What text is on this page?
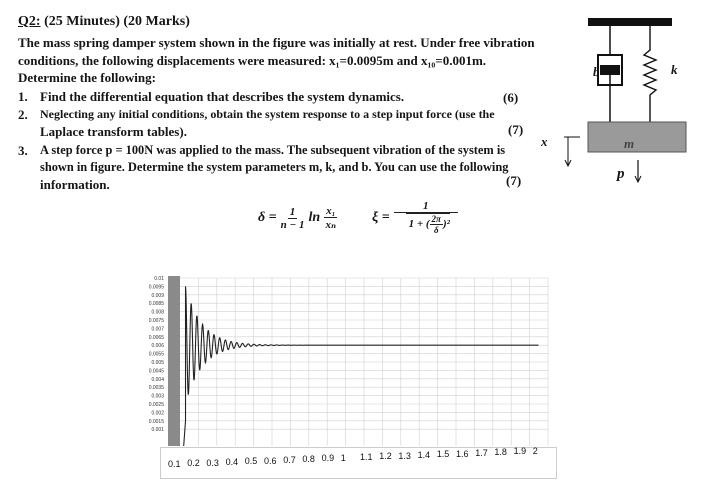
Q2: (25 Minutes) (20 Marks)
The mass spring damper system shown in the figure was initially at rest. Under free vibration
conditions, the following displacements were measured: x₁=0.0095m and x₁₀=0.001m.
Determine the following:
1. Find the differential equation that describes the system dynamics.	(6)
2. Neglecting any initial conditions, obtain the system response to a step input force (use the
Laplace transform tables).	(7)
3. A step force p = 100N was applied to the mass. The subsequent vibration of the system is
shown in figure. Determine the system parameters m, k, and b. You can use the following
information.	(7)
$\delta = \frac{1}{n - 1}$ $\ln \frac{\text{x₁}}{\text{xₙ}}$ $\xi = \frac{1}{1 + ( \frac{2\pi}{\delta} )^2}$
b	k
m
x
p
0.01
0.0095
0.009
0.0085
0.008
0.0075
0.007
0.0065
0.006
0.0055
0.005
0.0045
0.004
0.0035
0.003
0.0025
0.002
0.0015
0.001
0.1 0.2 0.3 0.4 0.5 0.6 0.7 0.8 0.9 1 1.1 1.2 1.3 1.4 1.5 1.6 1.7 1.8 1.9 2
